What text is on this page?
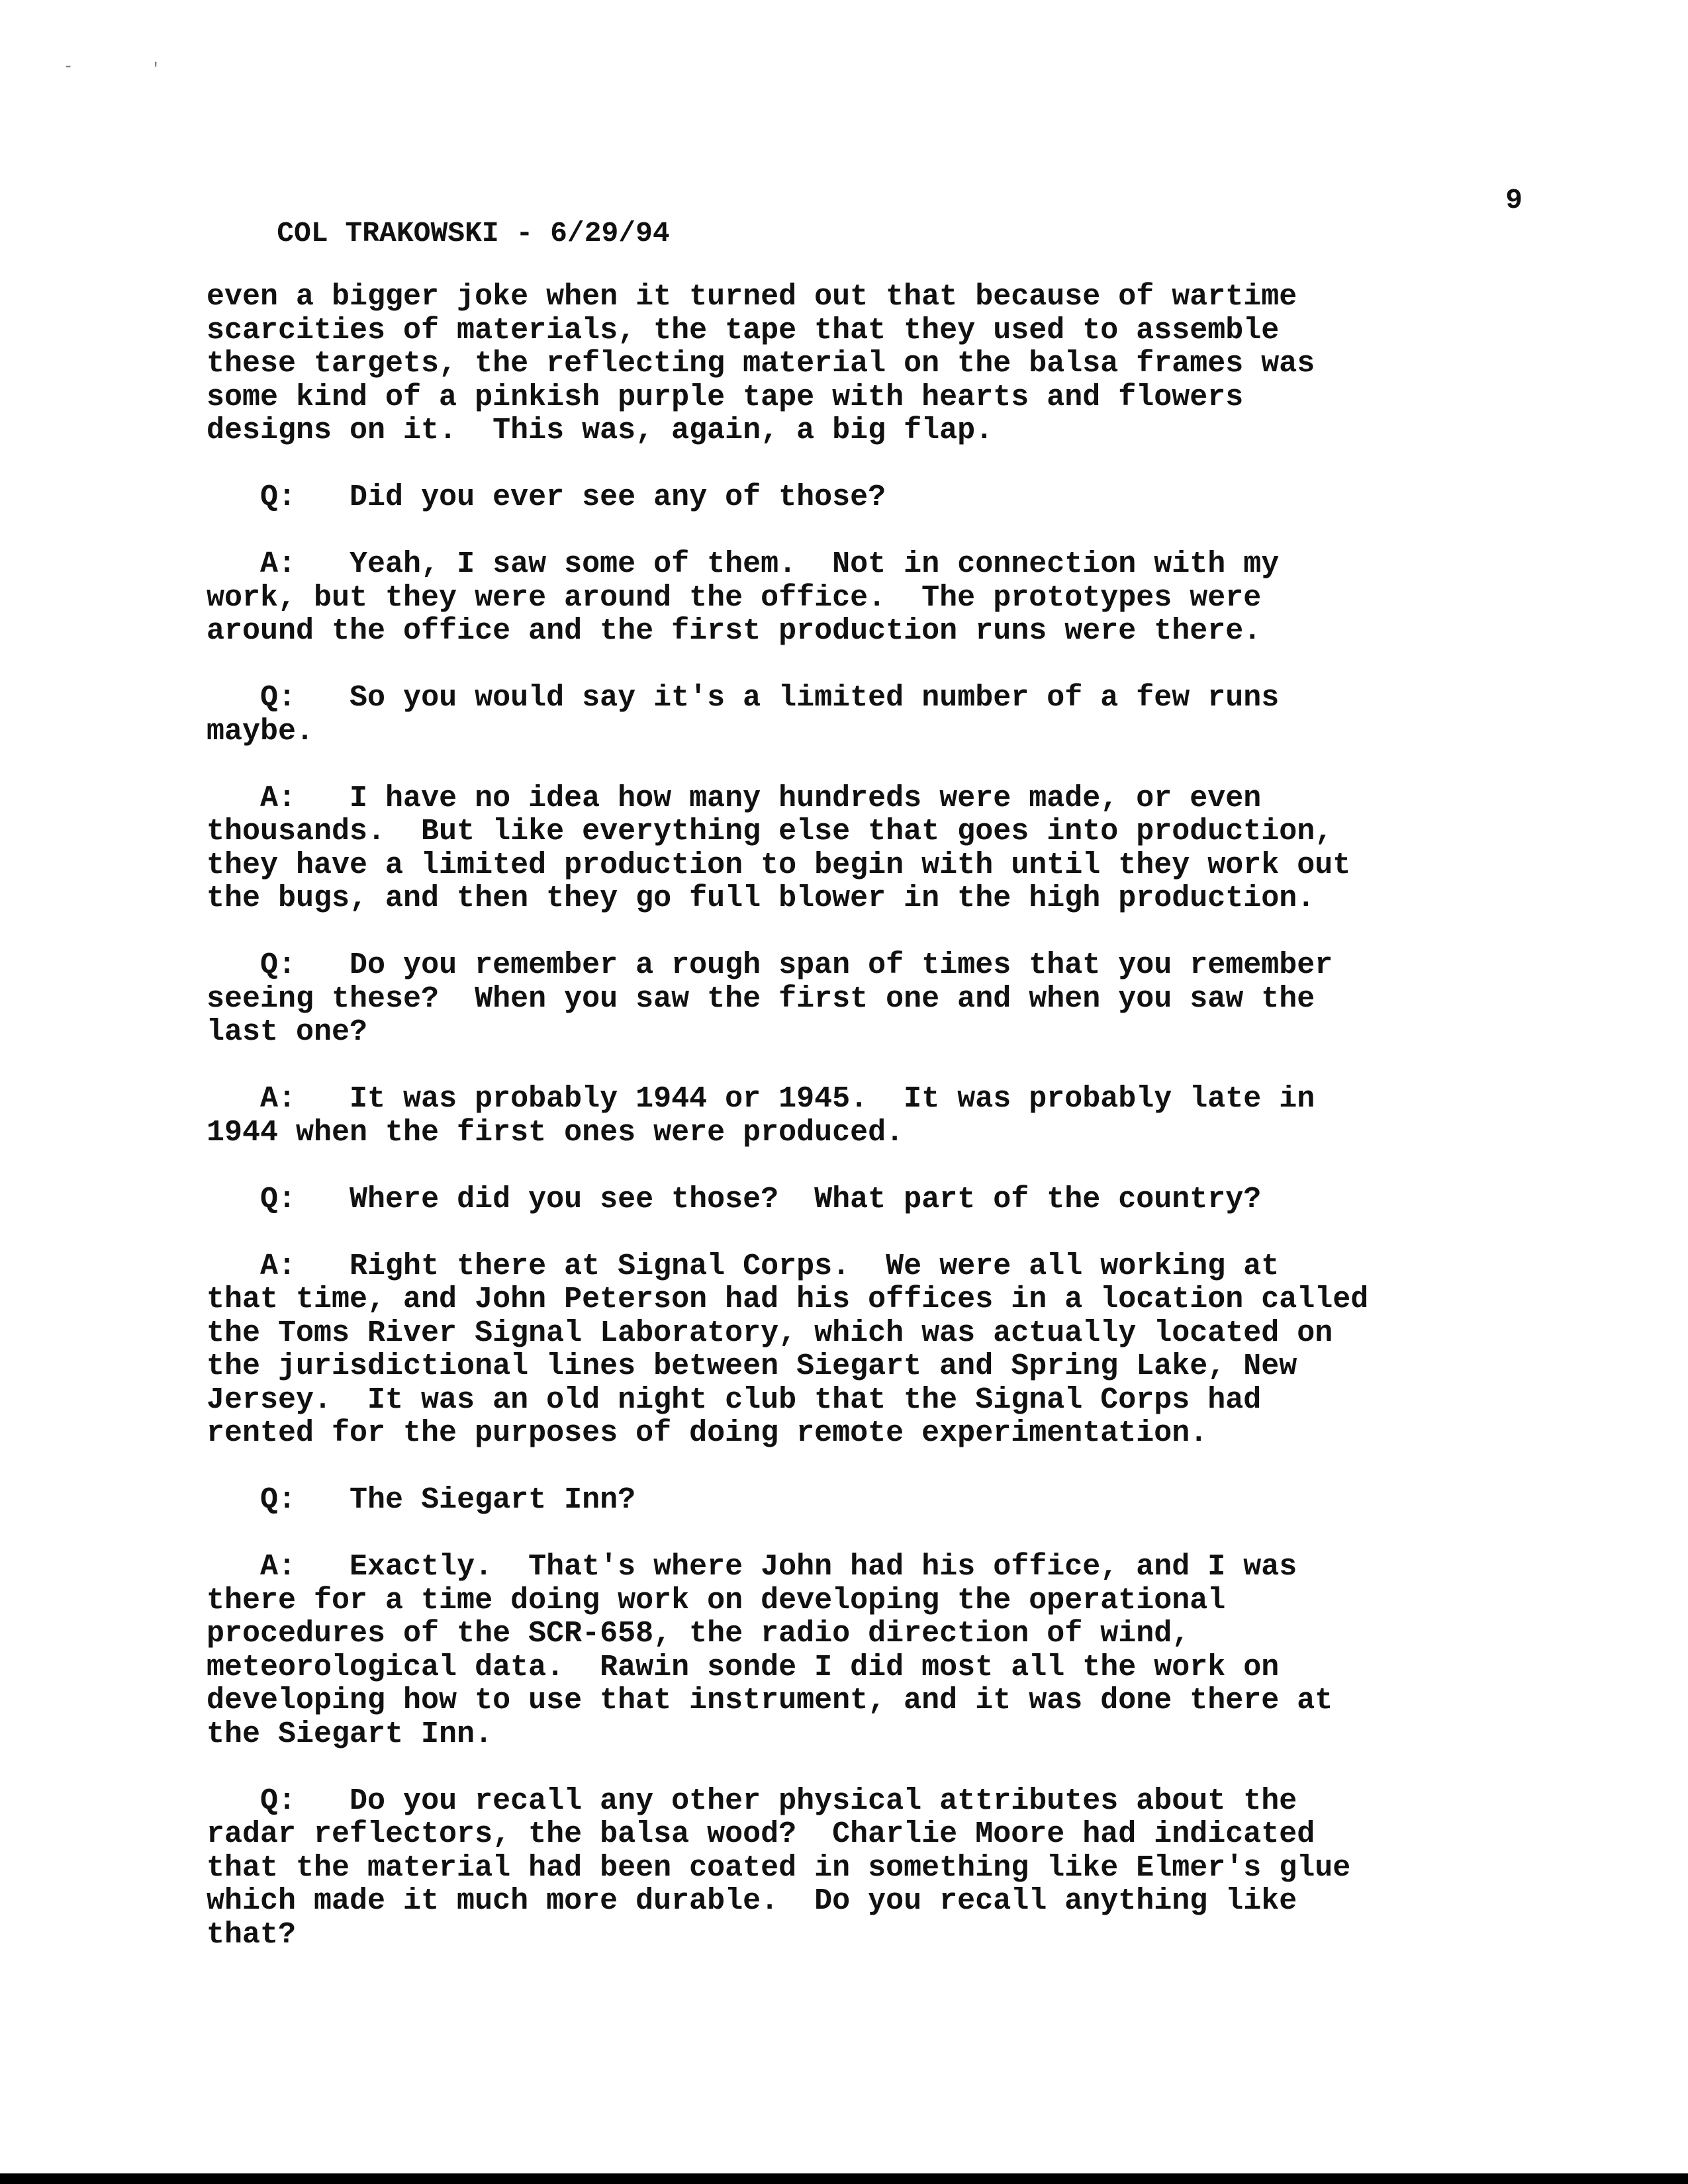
-	'

COL TRAKOWSKI - 6/29/94

9

even a bigger joke when it turned out that because of wartime
scarcities of materials, the tape that they used to assemble
these targets, the reflecting material on the balsa frames was
some kind of a pinkish purple tape with hearts and flowers
designs on it.  This was, again, a big flap.
Q: Did you ever see any of those?
A: Yeah, I saw some of them.  Not in connection with my
work, but they were around the office.  The prototypes were
around the office and the first production runs were there.
Q: So you would say it's a limited number of a few runs
maybe.
A: I have no idea how many hundreds were made, or even
thousands.  But like everything else that goes into production,
they have a limited production to begin with until they work out
the bugs, and then they go full blower in the high production.
Q: Do you remember a rough span of times that you remember
seeing these?  When you saw the first one and when you saw the
last one?
A: It was probably 1944 or 1945.  It was probably late in
1944 when the first ones were produced.
Q: Where did you see those?  What part of the country?
A: Right there at Signal Corps.  We were all working at
that time, and John Peterson had his offices in a location called
the Toms River Signal Laboratory, which was actually located on
the jurisdictional lines between Siegart and Spring Lake, New
Jersey.  It was an old night club that the Signal Corps had
rented for the purposes of doing remote experimentation.
Q: The Siegart Inn?
A: Exactly.  That's where John had his office, and I was
there for a time doing work on developing the operational
procedures of the SCR-658, the radio direction of wind,
meteorological data.  Rawin sonde I did most all the work on
developing how to use that instrument, and it was done there at
the Siegart Inn.
Q: Do you recall any other physical attributes about the
radar reflectors, the balsa wood?  Charlie Moore had indicated
that the material had been coated in something like Elmer's glue
which made it much more durable.  Do you recall anything like
that?
